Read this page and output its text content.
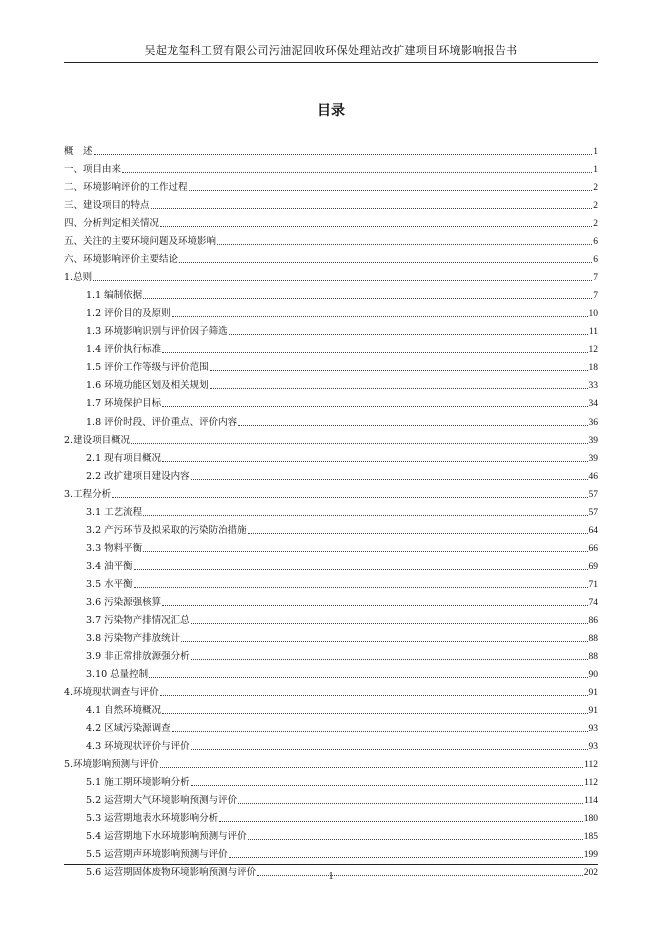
吴起龙玺科工贸有限公司污油泥回收环保处理站改扩建项目环境影响报告书
目录
概　述	1
一、项目由来	1
二、环境影响评价的工作过程	2
三、建设项目的特点	2
四、分析判定相关情况	2
五、关注的主要环境问题及环境影响	6
六、环境影响评价主要结论	6
1.总则	7
1.1 编制依据	7
1.2 评价目的及原则	10
1.3 环境影响识别与评价因子筛选	11
1.4 评价执行标准	12
1.5 评价工作等级与评价范围	18
1.6 环境功能区划及相关规划	33
1.7 环境保护目标	34
1.8 评价时段、评价重点、评价内容	36
2.建设项目概况	39
2.1 现有项目概况	39
2.2 改扩建项目建设内容	46
3.工程分析	57
3.1 工艺流程	57
3.2 产污环节及拟采取的污染防治措施	64
3.3 物料平衡	66
3.4 油平衡	69
3.5 水平衡	71
3.6 污染源强核算	74
3.7 污染物产排情况汇总	86
3.8 污染物产排放统计	88
3.9 非正常排放源强分析	88
3.10 总量控制	90
4.环境现状调查与评价	91
4.1 自然环境概况	91
4.2 区域污染源调查	93
4.3 环境现状评价与评价	93
5.环境影响预测与评价	112
5.1 施工期环境影响分析	112
5.2 运营期大气环境影响预测与评价	114
5.3 运营期地表水环境影响分析	180
5.4 运营期地下水环境影响预测与评价	185
5.5 运营期声环境影响预测与评价	199
5.6 运营期固体废物环境影响预测与评价	202
1
